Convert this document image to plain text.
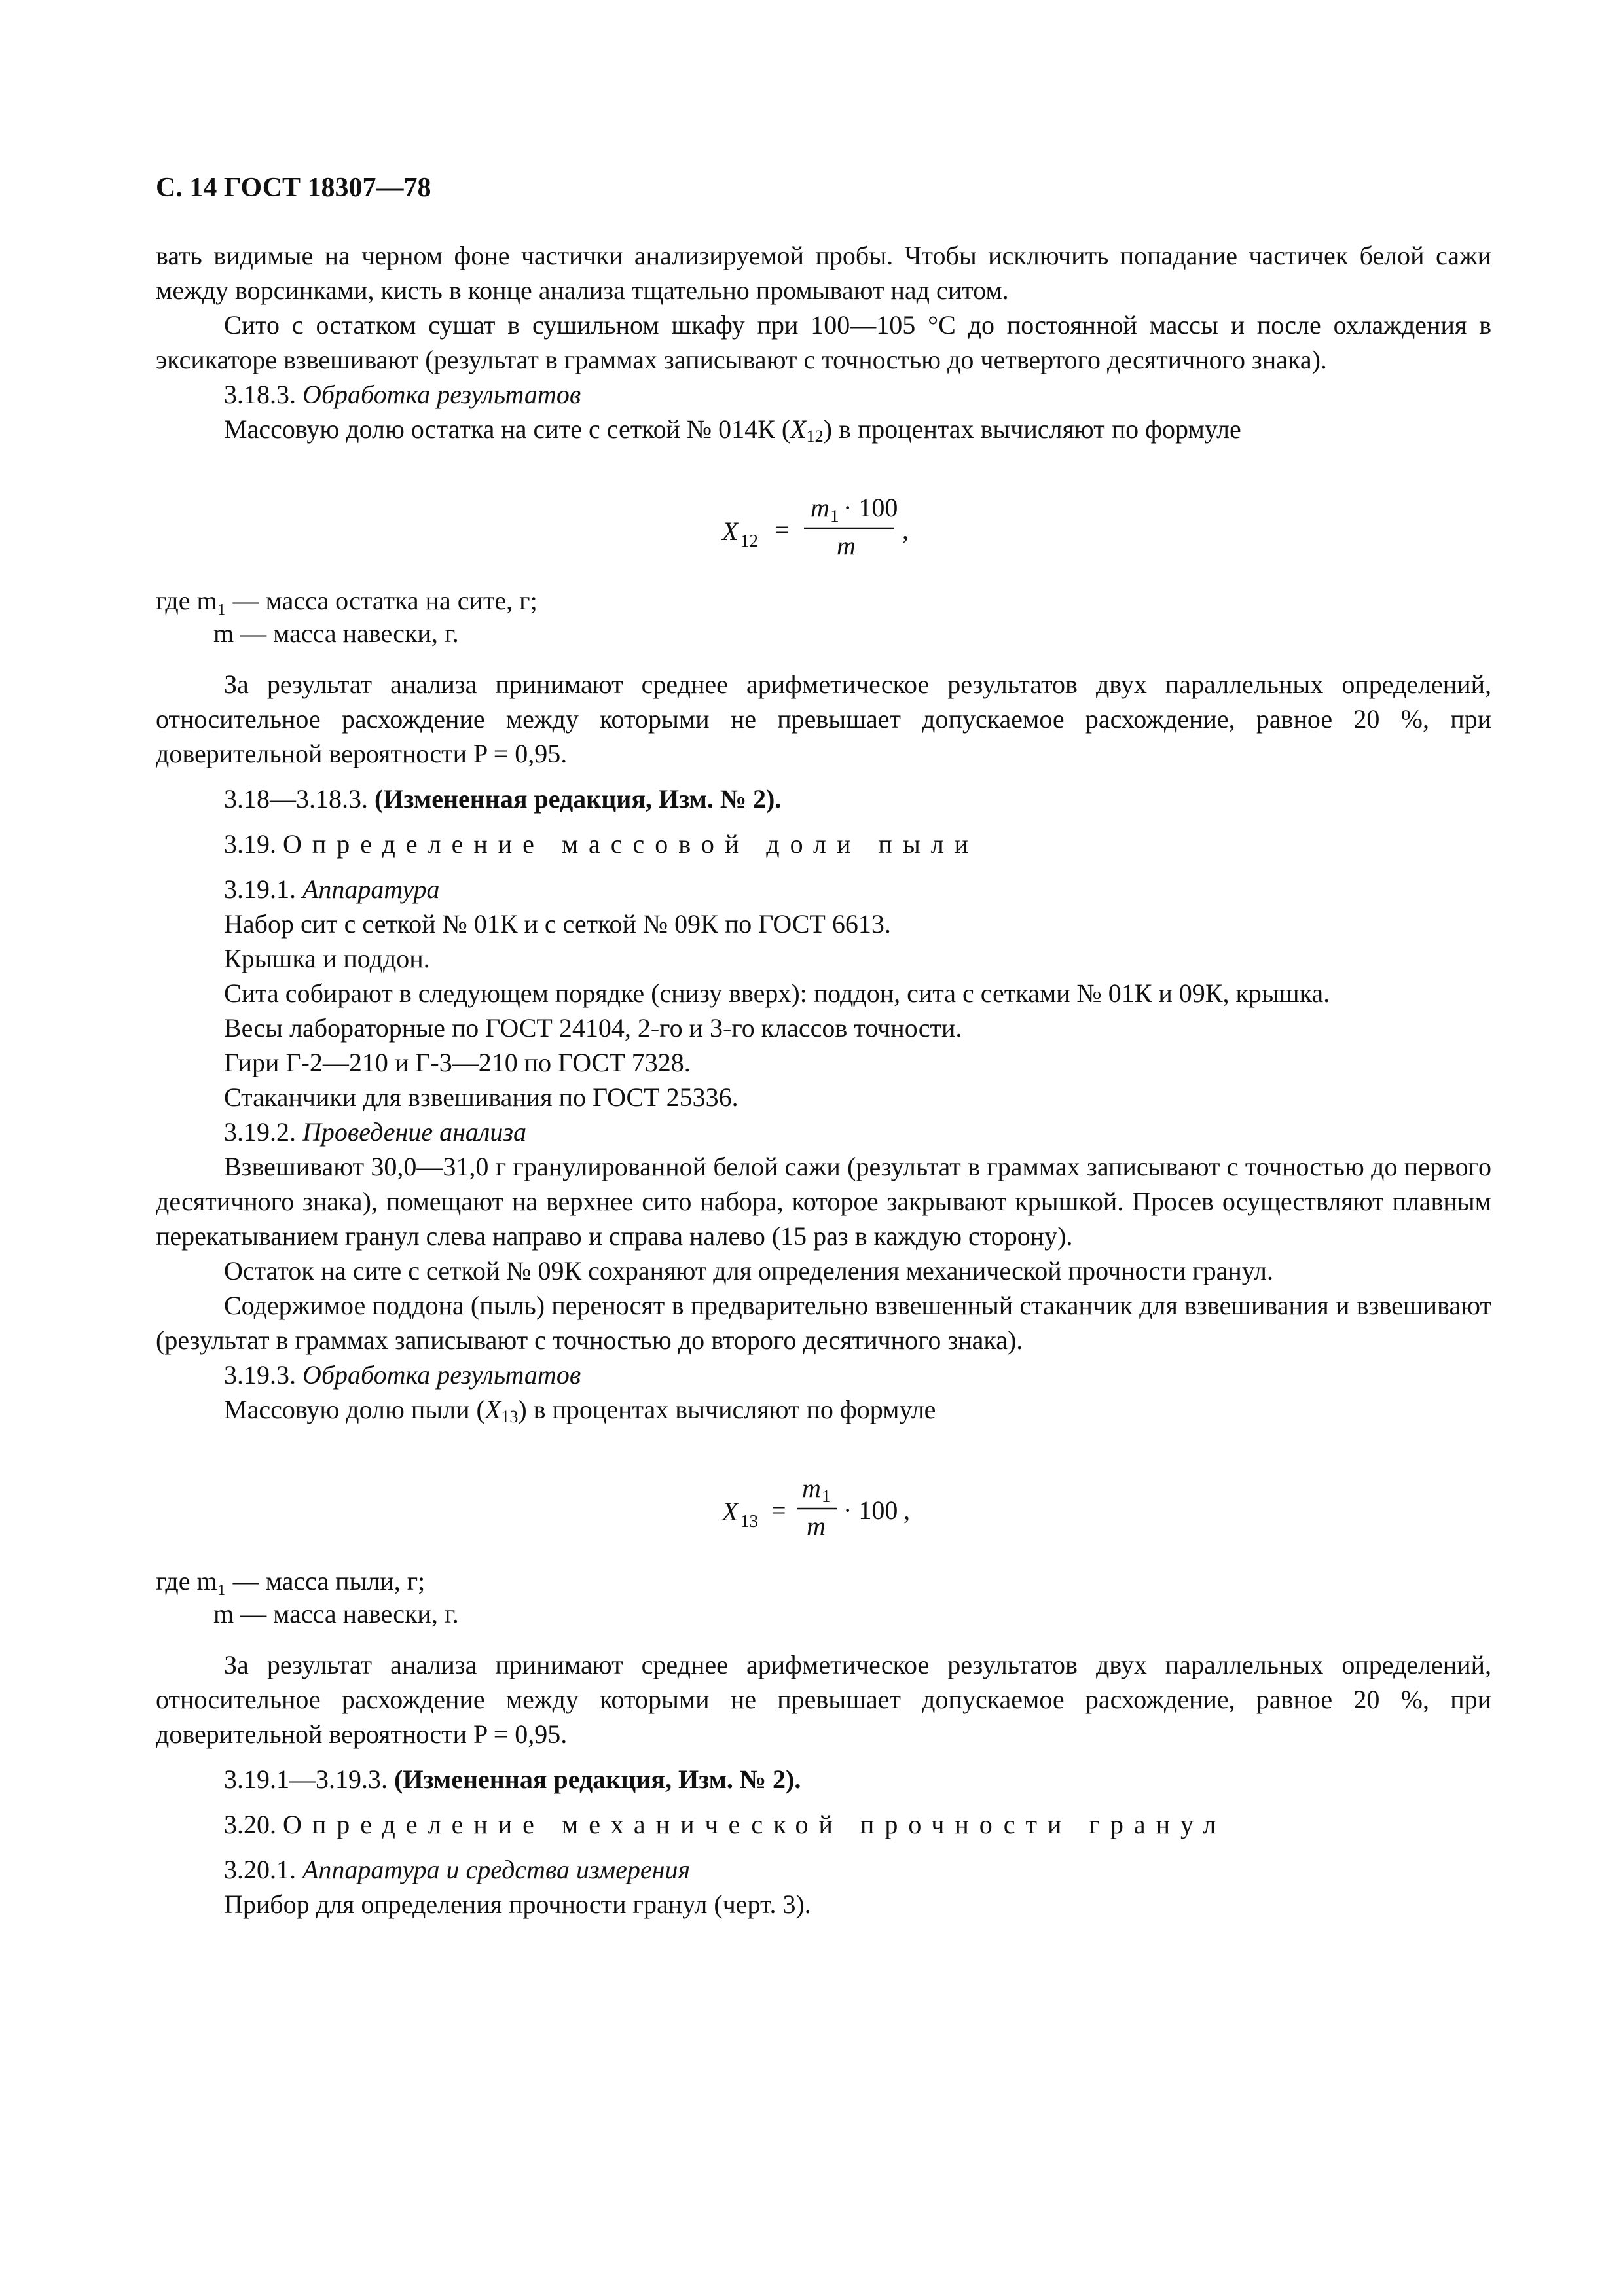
С. 14 ГОСТ 18307—78

вать видимые на черном фоне частички анализируемой пробы. Чтобы исключить попадание частичек белой сажи между ворсинками, кисть в конце анализа тщательно промывают над ситом.

Сито с остатком сушат в сушильном шкафу при 100—105 °С до постоянной массы и после охлаждения в эксикаторе взвешивают (результат в граммах записывают с точностью до четвертого десятичного знака).

3.18.3. Обработка результатов

Массовую долю остатка на сите с сеткой № 014К $(X_{12})$ в процентах вычисляют по формуле

X 12 =
m 1 · 100
m
,

где m₁ — масса остатка на сите, г;

m — масса навески, г.

За результат анализа принимают среднее арифметическое результатов двух параллельных определений, относительное расхождение между которыми не превышает допускаемое расхождение, равное 20 %, при доверительной вероятности P = 0,95.

3.18—3.18.3. (Измененная редакция, Изм. № 2).

3.19. Определение массовой доли пыли

3.19.1. Аппаратура

Набор сит с сеткой № 01К и с сеткой № 09К по ГОСТ 6613.

Крышка и поддон.

Сита собирают в следующем порядке (снизу вверх): поддон, сита с сетками № 01К и 09К, крышка.

Весы лабораторные по ГОСТ 24104, 2-го и 3-го классов точности.

Гири Г-2—210 и Г-3—210 по ГОСТ 7328.

Стаканчики для взвешивания по ГОСТ 25336.

3.19.2. Проведение анализа

Взвешивают 30,0—31,0 г гранулированной белой сажи (результат в граммах записывают с точностью до первого десятичного знака), помещают на верхнее сито набора, которое закрывают крышкой. Просев осуществляют плавным перекатыванием гранул слева направо и справа налево (15 раз в каждую сторону).

Остаток на сите с сеткой № 09К сохраняют для определения механической прочности гранул.

Содержимое поддона (пыль) переносят в предварительно взвешенный стаканчик для взвешивания и взвешивают (результат в граммах записывают с точностью до второго десятичного знака).

3.19.3. Обработка результатов

Массовую долю пыли $(X_{13})$ в процентах вычисляют по формуле

X 13 =
m 1
m
· 100 ,

где m₁ — масса пыли, г;

m — масса навески, г.

За результат анализа принимают среднее арифметическое результатов двух параллельных определений, относительное расхождение между которыми не превышает допускаемое расхождение, равное 20 %, при доверительной вероятности P = 0,95.

3.19.1—3.19.3. (Измененная редакция, Изм. № 2).

3.20. Определение механической прочности гранул

3.20.1. Аппаратура и средства измерения

Прибор для определения прочности гранул (черт. 3).
